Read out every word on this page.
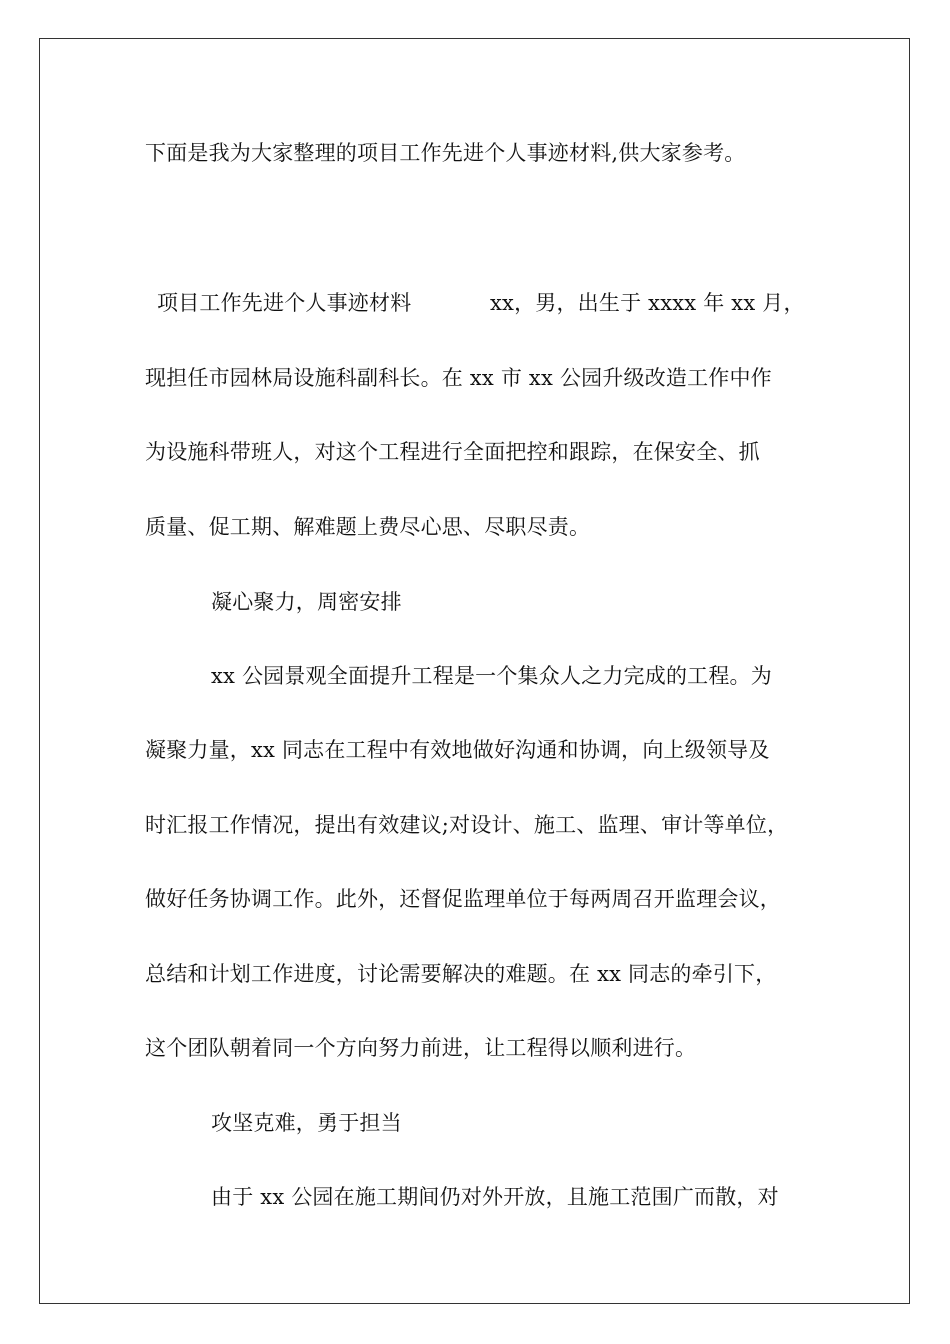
下面是我为大家整理的项目工作先进个人事迹材料,供大家参考。
项目工作先进个人事迹材料	xx，男，出生于 xxxx 年 xx 月，
现担任市园林局设施科副科长。在 xx 市 xx 公园升级改造工作中作
为设施科带班人，对这个工程进行全面把控和跟踪，在保安全、抓
质量、促工期、解难题上费尽心思、尽职尽责。
凝心聚力，周密安排
xx 公园景观全面提升工程是一个集众人之力完成的工程。为
凝聚力量，xx 同志在工程中有效地做好沟通和协调，向上级领导及
时汇报工作情况，提出有效建议;对设计、施工、监理、审计等单位，
做好任务协调工作。此外，还督促监理单位于每两周召开监理会议，
总结和计划工作进度，讨论需要解决的难题。在 xx 同志的牵引下，
这个团队朝着同一个方向努力前进，让工程得以顺利进行。
攻坚克难，勇于担当
由于 xx 公园在施工期间仍对外开放，且施工范围广而散，对
